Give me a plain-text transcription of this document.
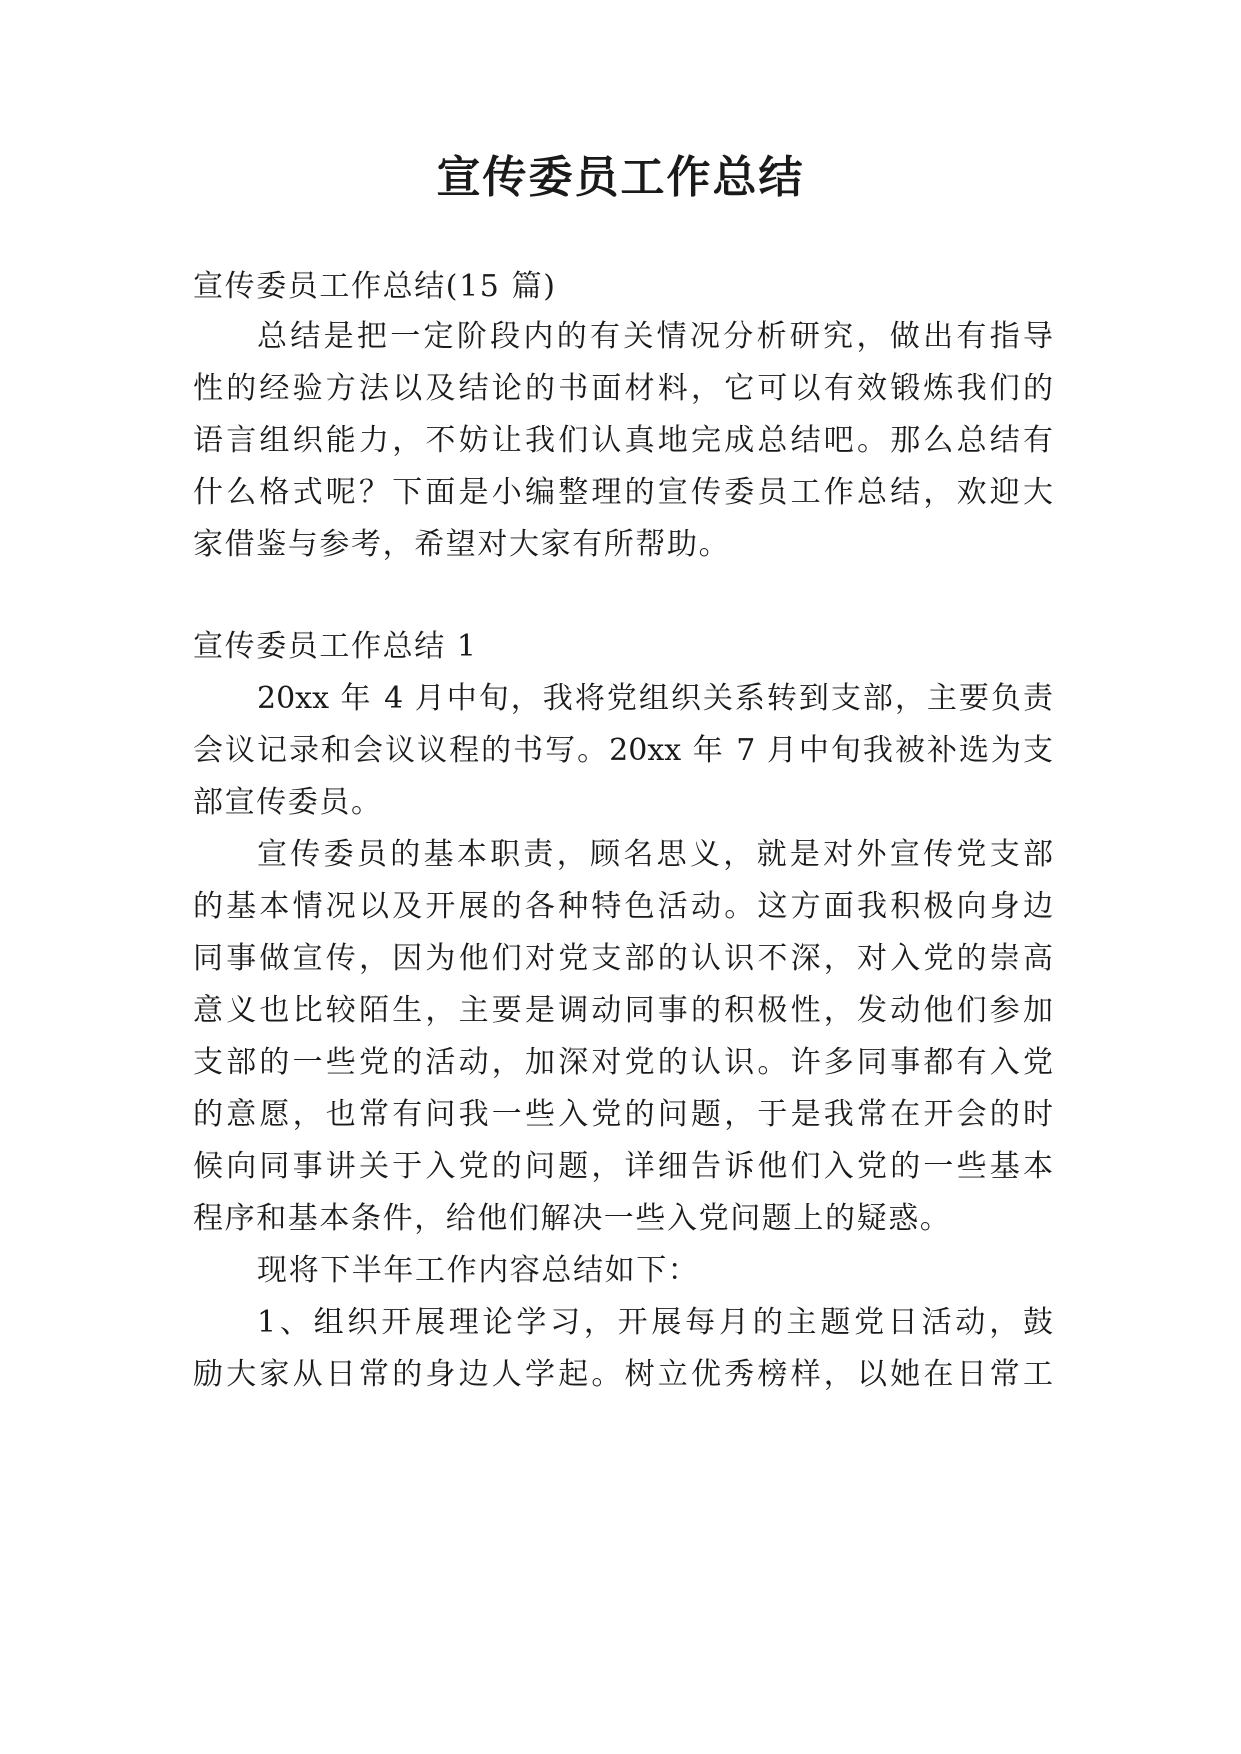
宣传委员工作总结

宣传委员工作总结(15 篇)

总结是把一定阶段内的有关情况分析研究，做出有指导

性的经验方法以及结论的书面材料，它可以有效锻炼我们的

语言组织能力，不妨让我们认真地完成总结吧。那么总结有

什么格式呢？下面是小编整理的宣传委员工作总结，欢迎大

家借鉴与参考，希望对大家有所帮助。

宣传委员工作总结 1

20xx 年 4 月中旬，我将党组织关系转到支部，主要负责

会议记录和会议议程的书写。20xx 年 7 月中旬我被补选为支

部宣传委员。

宣传委员的基本职责，顾名思义，就是对外宣传党支部

的基本情况以及开展的各种特色活动。这方面我积极向身边

同事做宣传，因为他们对党支部的认识不深，对入党的崇高

意义也比较陌生，主要是调动同事的积极性，发动他们参加

支部的一些党的活动，加深对党的认识。许多同事都有入党

的意愿，也常有问我一些入党的问题，于是我常在开会的时

候向同事讲关于入党的问题，详细告诉他们入党的一些基本

程序和基本条件，给他们解决一些入党问题上的疑惑。

现将下半年工作内容总结如下：

1、组织开展理论学习，开展每月的主题党日活动，鼓

励大家从日常的身边人学起。树立优秀榜样，以她在日常工
